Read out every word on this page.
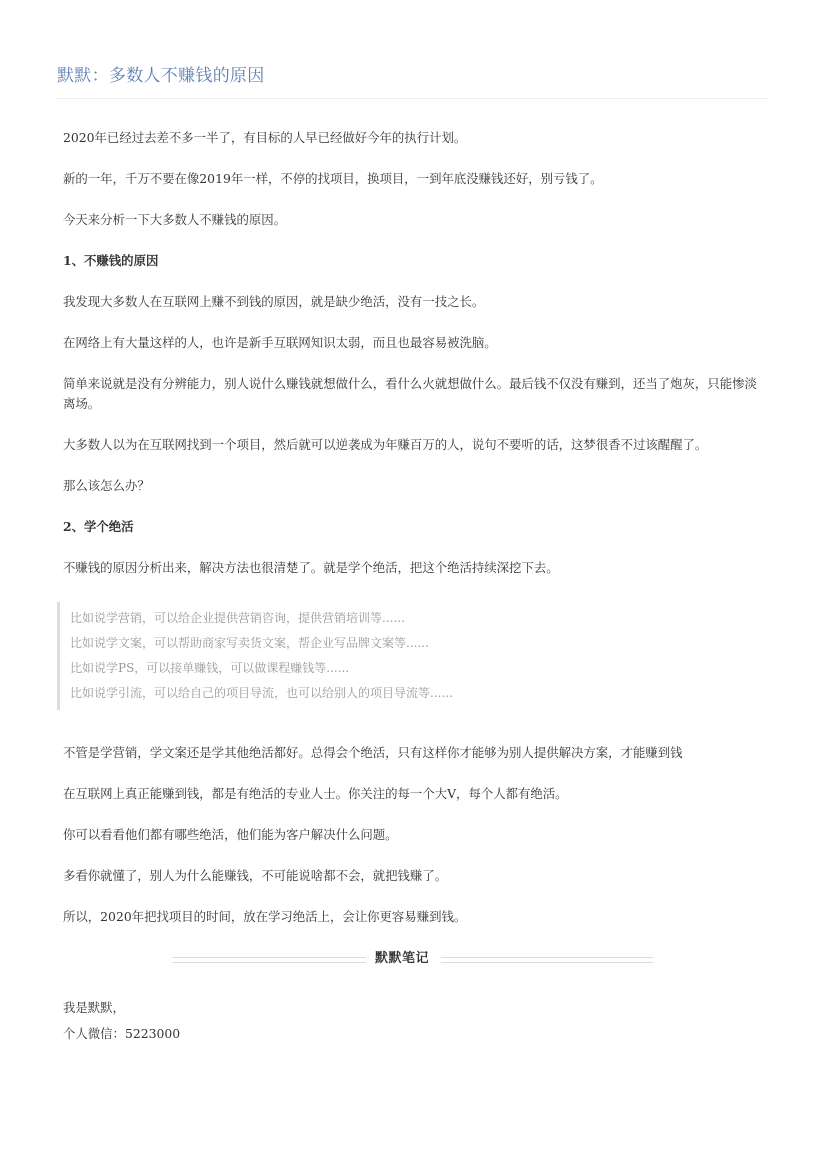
默默：多数人不赚钱的原因

2020年已经过去差不多一半了，有目标的人早已经做好今年的执行计划。

新的一年，千万不要在像2019年一样，不停的找项目，换项目，一到年底没赚钱还好，别亏钱了。

今天来分析一下大多数人不赚钱的原因。

1、不赚钱的原因

我发现大多数人在互联网上赚不到钱的原因，就是缺少绝活，没有一技之长。

在网络上有大量这样的人，也许是新手互联网知识太弱，而且也最容易被洗脑。

简单来说就是没有分辨能力，别人说什么赚钱就想做什么，看什么火就想做什么。最后钱不仅没有赚到，还当了炮灰，只能惨淡离场。

大多数人以为在互联网找到一个项目，然后就可以逆袭成为年赚百万的人，说句不要听的话，这梦很香不过该醒醒了。

那么该怎么办？

2、学个绝活

不赚钱的原因分析出来，解决方法也很清楚了。就是学个绝活，把这个绝活持续深挖下去。

比如说学营销，可以给企业提供营销咨询，提供营销培训等......
比如说学文案，可以帮助商家写卖货文案，帮企业写品牌文案等......
比如说学PS，可以接单赚钱，可以做课程赚钱等......
比如说学引流，可以给自己的项目导流，也可以给别人的项目导流等......

不管是学营销，学文案还是学其他绝活都好。总得会个绝活，只有这样你才能够为别人提供解决方案，才能赚到钱

在互联网上真正能赚到钱，都是有绝活的专业人士。你关注的每一个大V，每个人都有绝活。

你可以看看他们都有哪些绝活，他们能为客户解决什么问题。

多看你就懂了，别人为什么能赚钱，不可能说啥都不会，就把钱赚了。

所以，2020年把找项目的时间，放在学习绝活上，会让你更容易赚到钱。

默默笔记

我是默默，

个人微信：5223000
